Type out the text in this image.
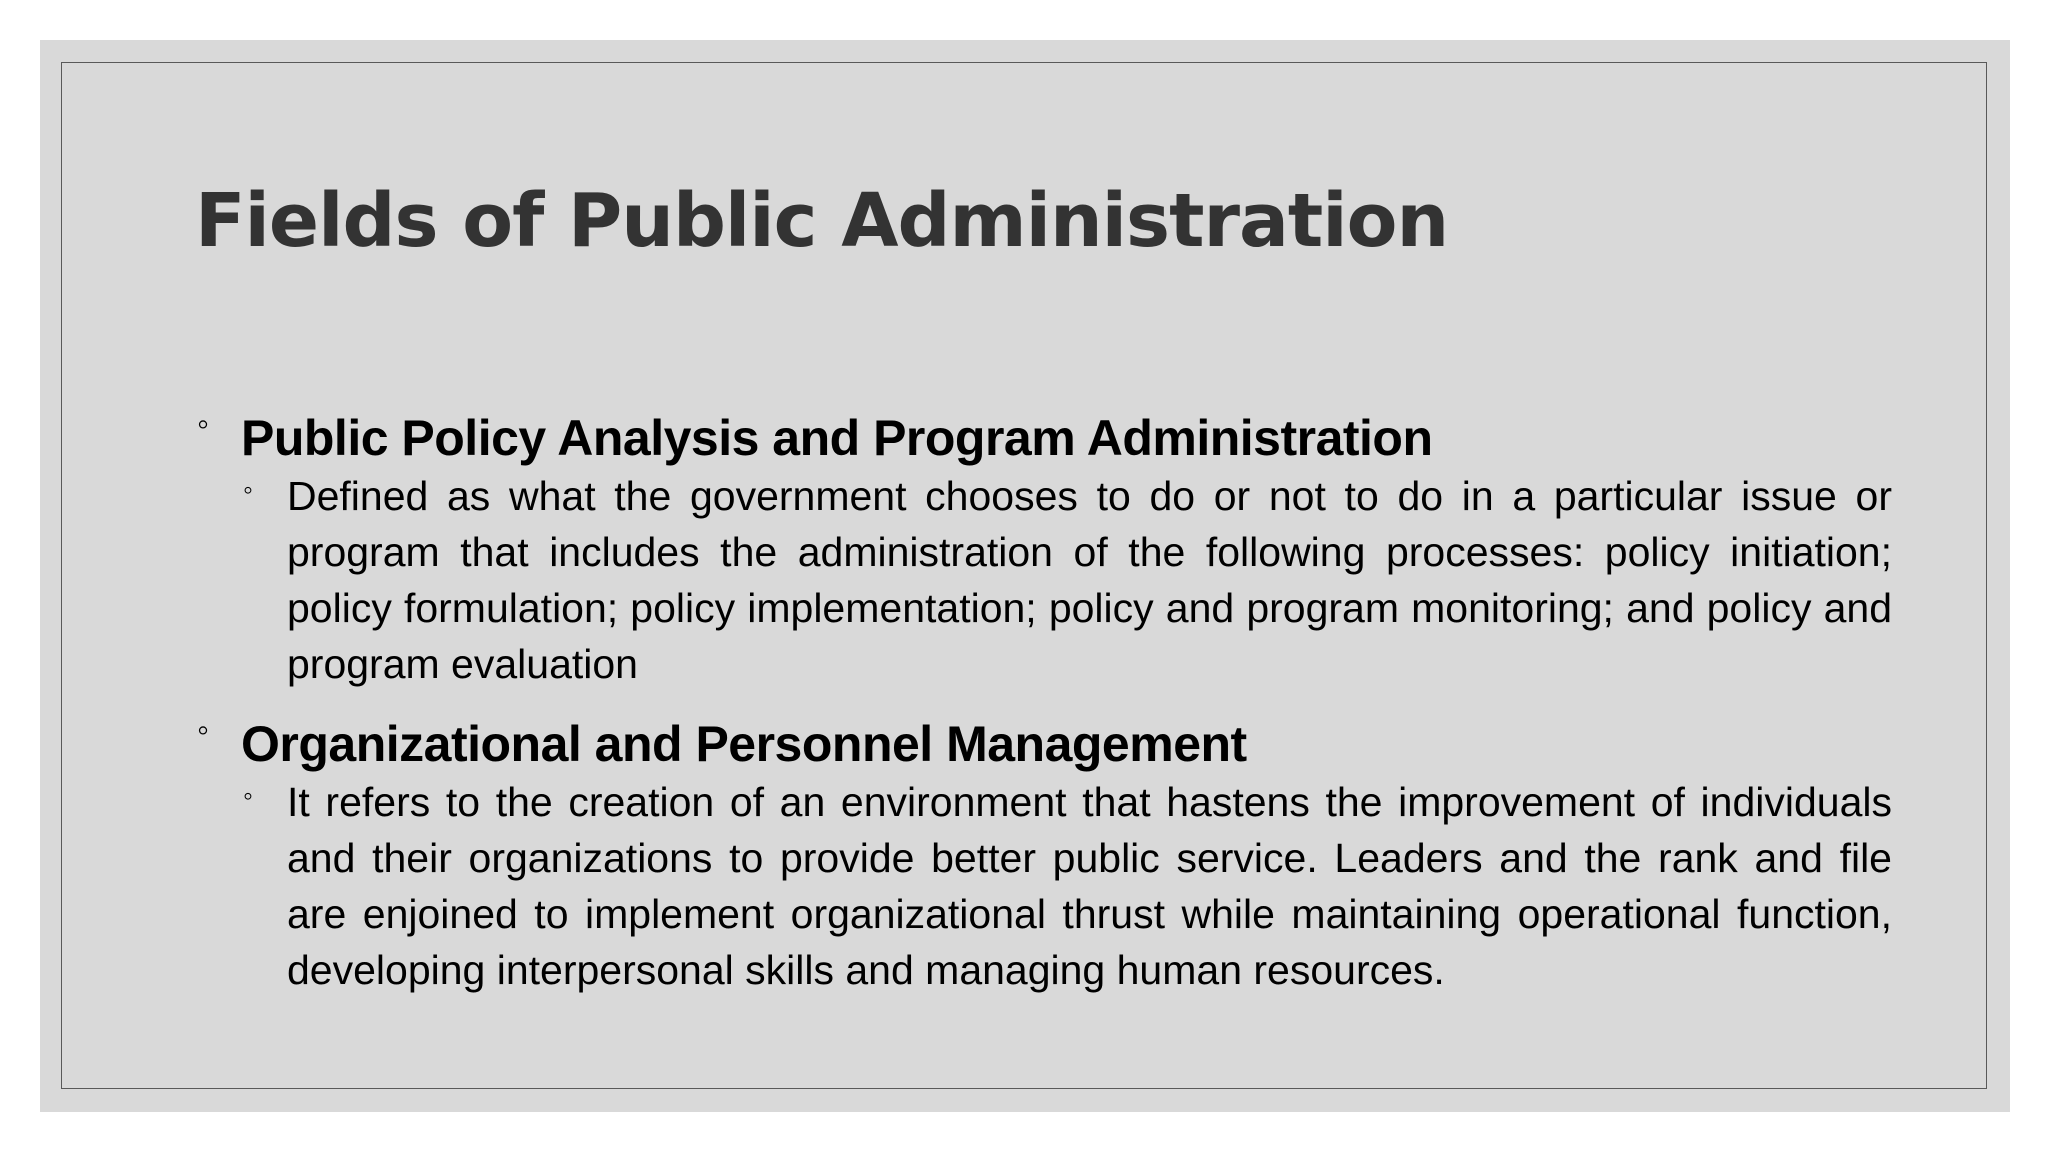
Fields of Public Administration
◦ Public Policy Analysis and Program Administration
◦ Defined as what the government chooses to do or not to do in a particular issue or program that includes the administration of the following processes: policy initiation; policy formulation; policy implementation; policy and program monitoring; and policy and program evaluation
◦ Organizational and Personnel Management
◦ It refers to the creation of an environment that hastens the improvement of individuals and their organizations to provide better public service. Leaders and the rank and file are enjoined to implement organizational thrust while maintaining operational function, developing interpersonal skills and managing human resources.
